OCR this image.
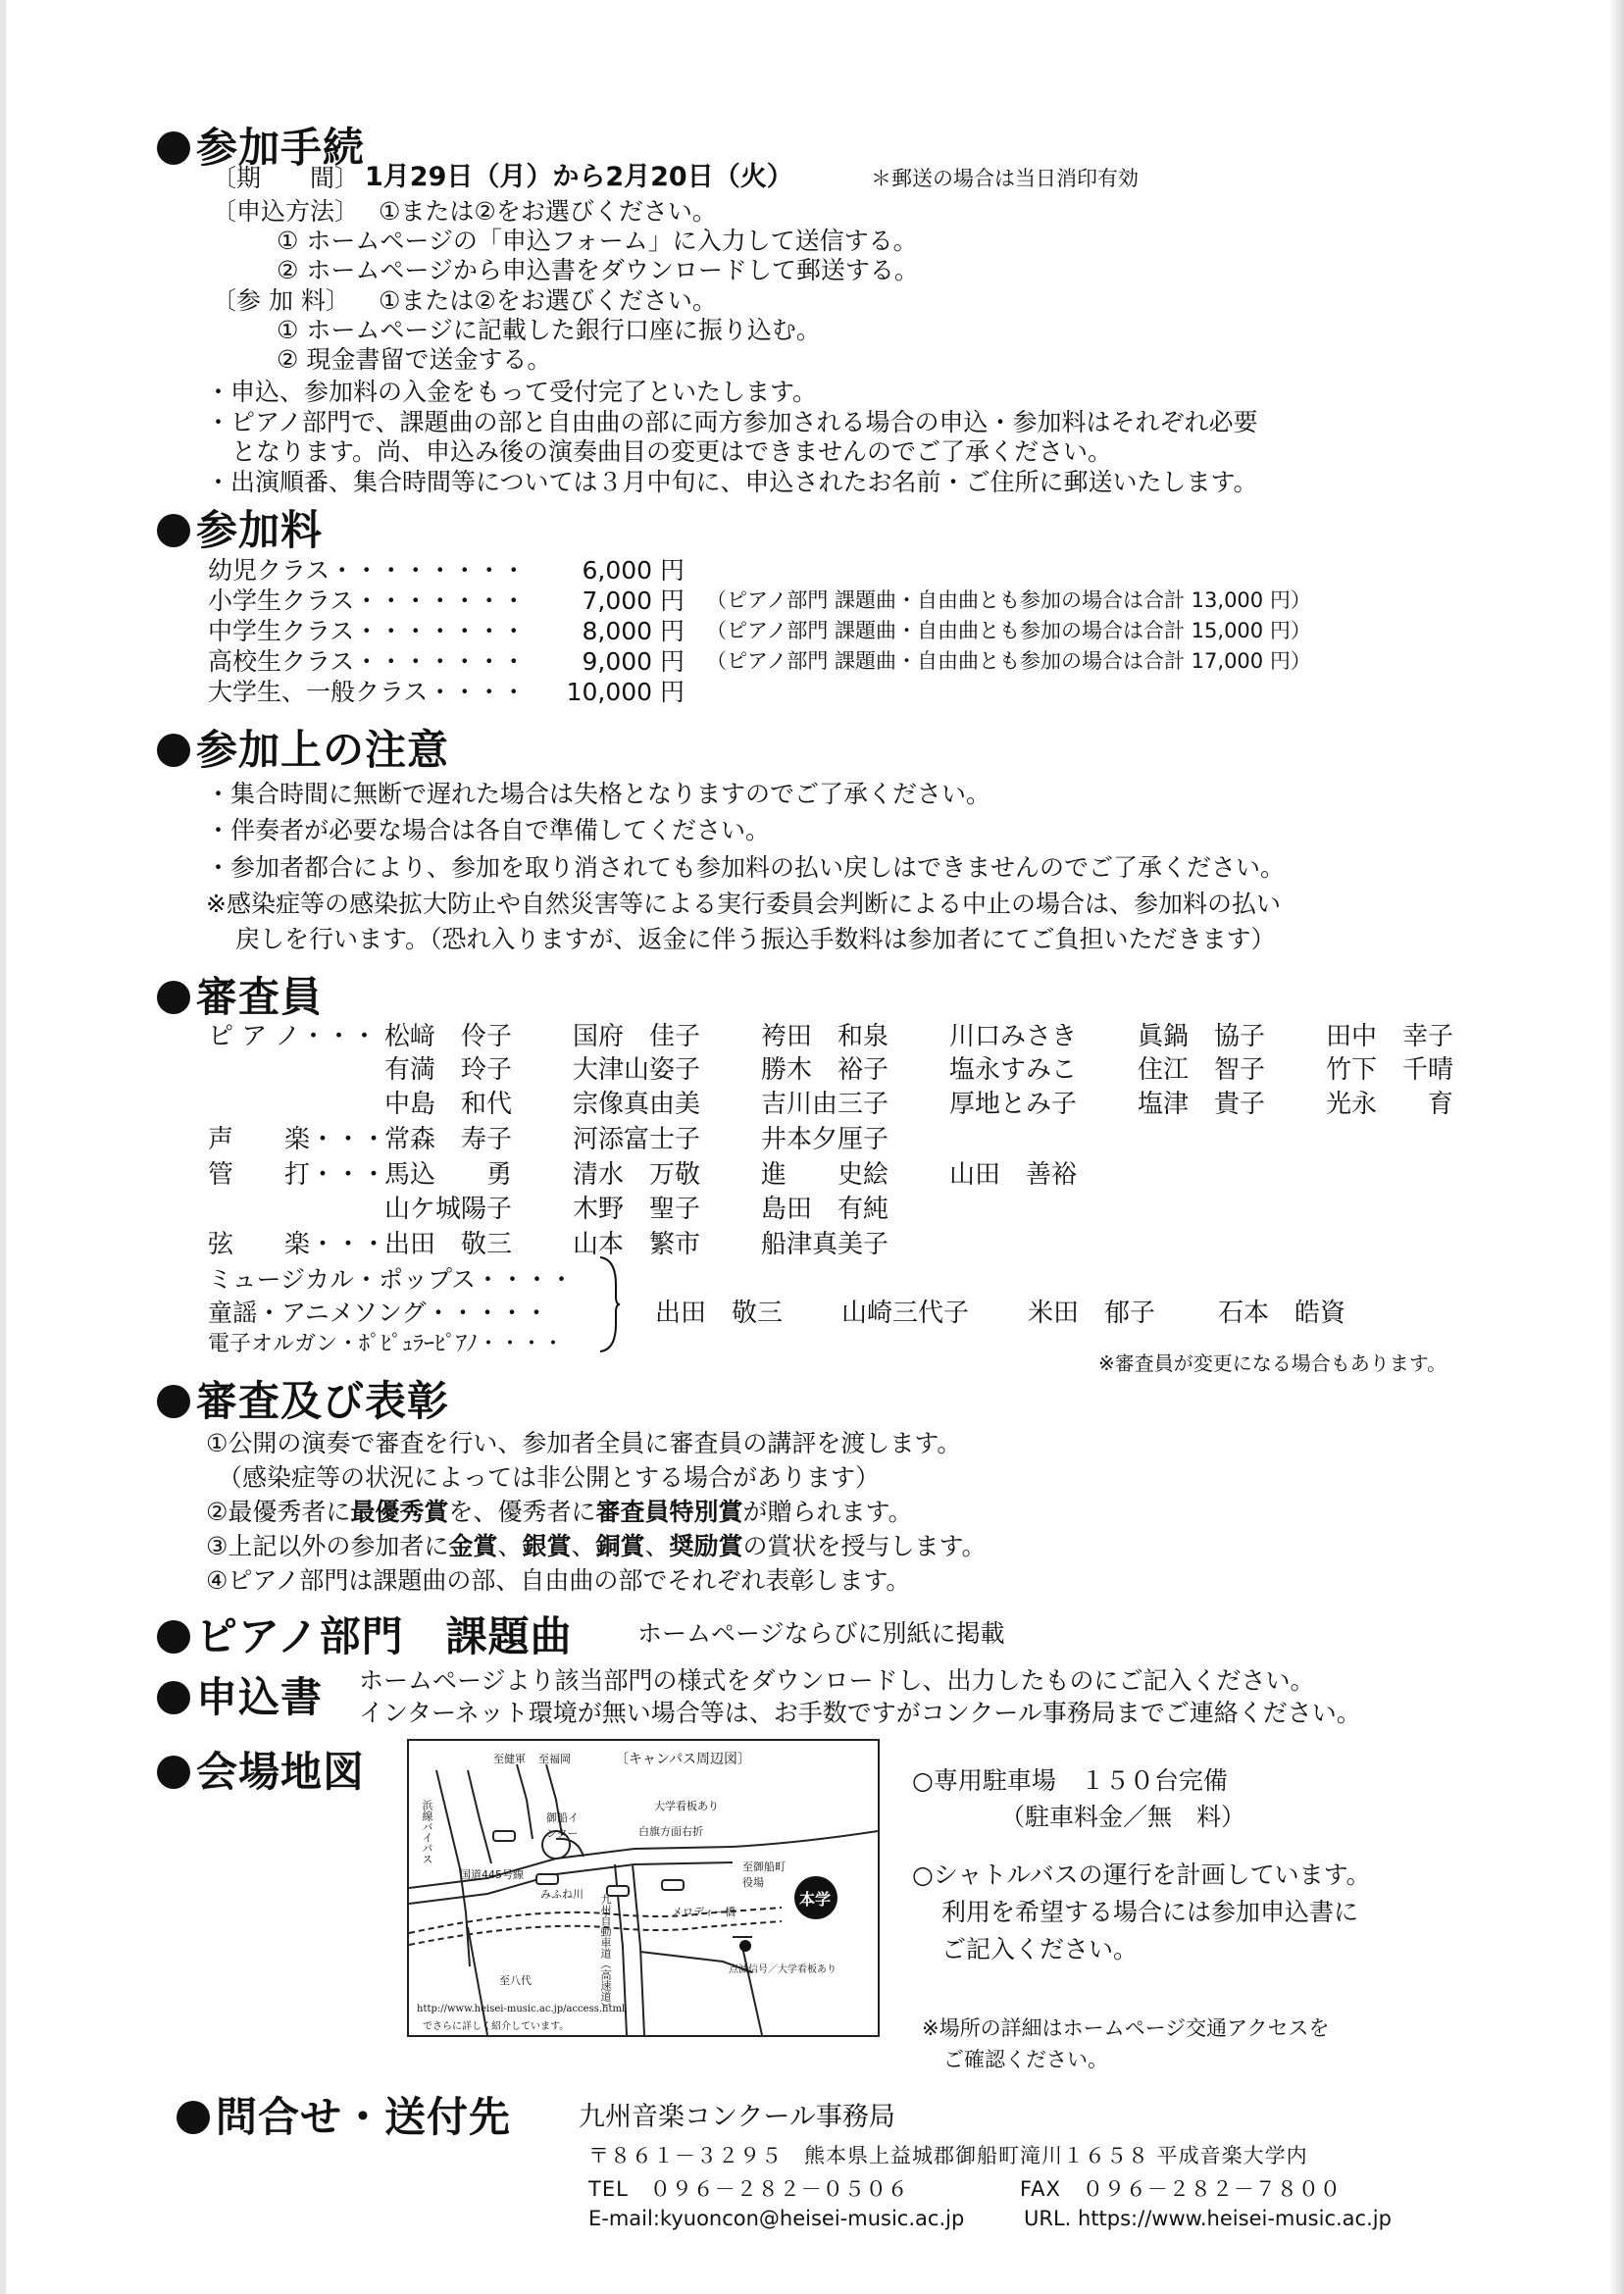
参加手続
〔期　　間〕 1月29日（月）から2月20日（火）	＊郵送の場合は当日消印有効
〔申込方法〕 ①または②をお選びください。
① ホームページの「申込フォーム」に入力して送信する。
② ホームページから申込書をダウンロードして郵送する。
〔参 加 料〕 ①または②をお選びください。
① ホームページに記載した銀行口座に振り込む。
② 現金書留で送金する。
・申込、参加料の入金をもって受付完了といたします。
・ピアノ部門で、課題曲の部と自由曲の部に両方参加される場合の申込・参加料はそれぞれ必要
となります。尚、申込み後の演奏曲目の変更はできませんのでご了承ください。
・出演順番、集合時間等については３月中旬に、申込されたお名前・ご住所に郵送いたします。
参加料
幼児クラス・・・・・・・・	6,000 円
小学生クラス・・・・・・・	7,000 円 （ピアノ部門 課題曲・自由曲とも参加の場合は合計 13,000 円）
中学生クラス・・・・・・・	8,000 円 （ピアノ部門 課題曲・自由曲とも参加の場合は合計 15,000 円）
高校生クラス・・・・・・・	9,000 円 （ピアノ部門 課題曲・自由曲とも参加の場合は合計 17,000 円）
大学生、一般クラス・・・・	10,000 円
参加上の注意
・集合時間に無断で遅れた場合は失格となりますのでご了承ください。
・伴奏者が必要な場合は各自で準備してください。
・参加者都合により、参加を取り消されても参加料の払い戻しはできませんのでご了承ください。
※感染症等の感染拡大防止や自然災害等による実行委員会判断による中止の場合は、参加料の払い
戻しを行います。（恐れ入りますが、返金に伴う振込手数料は参加者にてご負担いただきます）
審査員
ピ ア ノ・・・ 松﨑　伶子 国府　佳子 袴田　和泉 川口みさき 眞鍋　協子 田中　幸子
有満　玲子 大津山姿子 勝木　裕子 塩永すみこ 住江　智子 竹下　千晴
中島　和代 宗像真由美 吉川由三子 厚地とみ子 塩津　貴子 光永　　育
声　　楽・・・
常森　寿子 河添富士子 井本夕厘子
管　　打・・・
馬込　　勇 清水　万敬 進　　史絵 山田　善裕
山ケ城陽子 木野　聖子 島田　有純
弦　　楽・・・
出田　敬三 山本　繁市 船津真美子
ミュージカル・ポップス・・・・
童謡・アニメソング・・・・・
電子オルガン・ﾎﾟﾋﾟｭﾗｰﾋﾟｱﾉ・・・・
出田　敬三 山崎三代子 米田　郁子 石本　皓資
※審査員が変更になる場合もあります。
審査及び表彰
①公開の演奏で審査を行い、参加者全員に審査員の講評を渡します。
（感染症等の状況によっては非公開とする場合があります）
②最優秀者に最優秀賞を、優秀者に審査員特別賞が贈られます。
③上記以外の参加者に金賞、銀賞、銅賞、奨励賞の賞状を授与します。
④ピアノ部門は課題曲の部、自由曲の部でそれぞれ表彰します。
ピアノ部門　課題曲	ホームページならびに別紙に掲載
申込書 ホームページより該当部門の様式をダウンロードし、出力したものにご記入ください。
インターネット環境が無い場合等は、お手数ですがコンクール事務局までご連絡ください。
会場地図	〔キャンパス周辺図〕
至健軍 至福岡
浜線バイパス	御船インター
大学看板あり
白旗方面右折
国道445号線
みふね川 九州自動車道（高速道）
至御船町役場
メロディー橋
至八代
点滅信号／大学看板あり
本学
http://www.heisei-music.ac.jp/access.html
でさらに詳しく紹介しています。
○専用駐車場　１５０台完備
（駐車料金／無　料）
○シャトルバスの運行を計画しています。
利用を希望する場合には参加申込書に
ご記入ください。
※場所の詳細はホームページ交通アクセスを
ご確認ください。
問合せ・送付先	九州音楽コンクール事務局
〒８６１－３２９５　熊本県上益城郡御船町滝川１６５８ 平成音楽大学内
TEL　０９６－２８２－０５０６	FAX　０９６－２８２－７８００
E-mail:kyuoncon@heisei-music.ac.jp	URL. https://www.heisei-music.ac.jp
